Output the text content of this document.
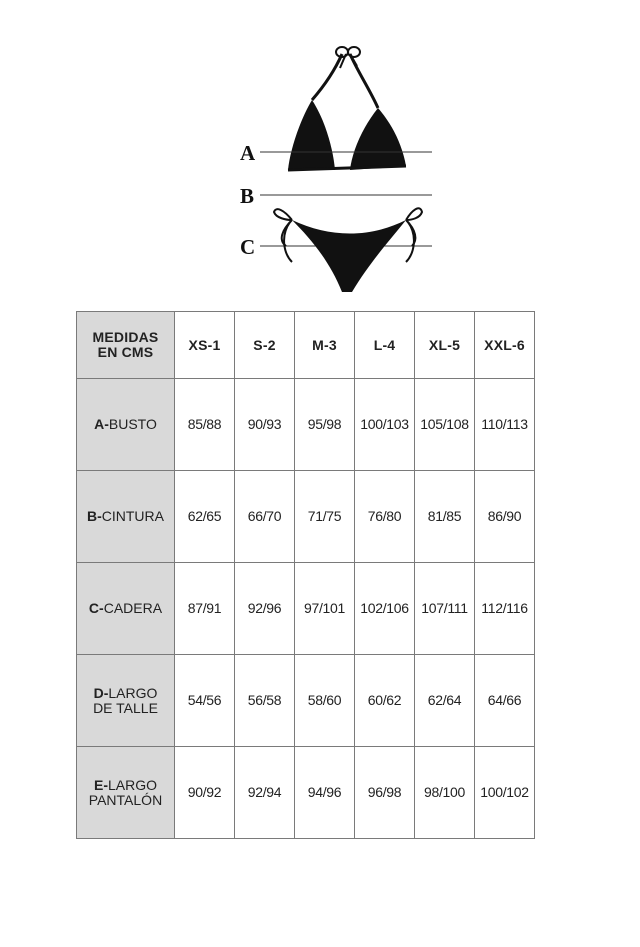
A
B
C
MEDIDAS
EN CMS	XS-1	S-2	M-3	L-4	XL-5	XXL-6
A-BUSTO	85/88	90/93	95/98	100/103	105/108	110/113
B-CINTURA	62/65	66/70	71/75	76/80	81/85	86/90
C-CADERA	87/91	92/96	97/101	102/106	107/111	112/116
D-LARGO
DE TALLE	54/56	56/58	58/60	60/62	62/64	64/66
E-LARGO
PANTALÓN	90/92	92/94	94/96	96/98	98/100	100/102
